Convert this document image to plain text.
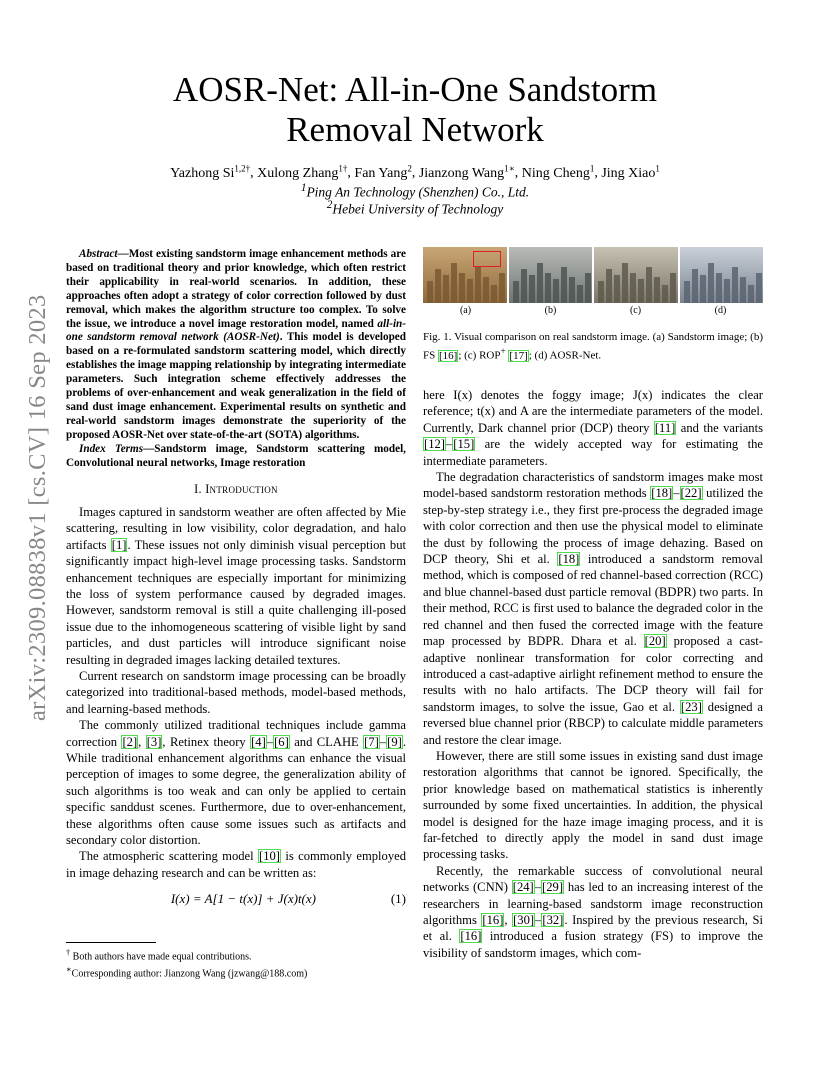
arXiv:2309.08838v1 [cs.CV] 16 Sep 2023
AOSR-Net: All-in-One Sandstorm Removal Network
Yazhong $Si^{1,2\dagger}$, Xulong Zhang$^{1\dagger}$, Fan Yang$^2$, Jianzong Wang$^{1∗}$, Ning Cheng$^1$, Jing Xiao$^1$
$^1$Ping An Technology (Shenzhen) Co., Ltd.
$^2$Hebei University of Technology

Abstract—Most existing sandstorm image enhancement methods are based on traditional theory and prior knowledge, which often restrict their applicability in real-world scenarios. In addition, these approaches often adopt a strategy of color correction followed by dust removal, which makes the algorithm structure too complex. To solve the issue, we introduce a novel image restoration model, named all-in-one sandstorm removal network (AOSR-Net). This model is developed based on a re-formulated sandstorm scattering model, which directly establishes the image mapping relationship by integrating intermediate parameters. Such integration scheme effectively addresses the problems of over-enhancement and weak generalization in the field of sand dust image enhancement. Experimental results on synthetic and real-world sandstorm images demonstrate the superiority of the proposed AOSR-Net over state-of-the-art (SOTA) algorithms.

Index Terms—Sandstorm image, Sandstorm scattering model, Convolutional neural networks, Image restoration

I. Introduction

Images captured in sandstorm weather are often affected by Mie scattering, resulting in low visibility, color degradation, and halo artifacts [1]. These issues not only diminish visual perception but significantly impact high-level image processing tasks. Sandstorm enhancement techniques are especially important for minimizing the loss of system performance caused by degraded images. However, sandstorm removal is still a quite challenging ill-posed issue due to the inhomogeneous scattering of visible light by sand particles, and dust particles will introduce significant noise resulting in degraded images lacking detailed textures.

Current research on sandstorm image processing can be broadly categorized into traditional-based methods, model-based methods, and learning-based methods.

The commonly utilized traditional techniques include gamma correction [2], [3], Retinex theory [4]–[6] and CLAHE [7]–[9]. While traditional enhancement algorithms can enhance the visual perception of images to some degree, the generalization ability of such algorithms is too weak and can only be applied to certain specific sanddust scenes. Furthermore, due to over-enhancement, these algorithms often cause some issues such as artifacts and secondary color distortion.

The atmospheric scattering model [10] is commonly employed in image dehazing research and can be written as:

I(x) = A[1 − t(x)] + J(x)t(x)	(1)
† Both authors have made equal contributions.
∗Corresponding author: Jianzong Wang (jzwang@188.com)
(a)	(b)	(c)	(d)
Fig. 1. Visual comparison on real sandstorm image. (a) Sandstorm image; (b) FS [16]; (c) ROP+ [17]; (d) AOSR-Net.

here I(x) denotes the foggy image; J(x) indicates the clear reference; t(x) and A are the intermediate parameters of the model. Currently, Dark channel prior (DCP) theory [11] and the variants [12]–[15] are the widely accepted way for estimating the intermediate parameters.

The degradation characteristics of sandstorm images make most model-based sandstorm restoration methods [18]–[22] utilized the step-by-step strategy i.e., they first pre-process the degraded image with color correction and then use the physical model to eliminate the dust by following the process of image dehazing. Based on DCP theory, Shi et al. [18] introduced a sandstorm removal method, which is composed of red channel-based correction (RCC) and blue channel-based dust particle removal (BDPR) two parts. In their method, RCC is first used to balance the degraded color in the red channel and then fused the corrected image with the feature map processed by BDPR. Dhara et al. [20] proposed a cast-adaptive nonlinear transformation for color correcting and introduced a cast-adaptive airlight refinement method to ensure the results with no halo artifacts. The DCP theory will fail for sandstorm images, to solve the issue, Gao et al. [23] designed a reversed blue channel prior (RBCP) to calculate middle parameters and restore the clear image.

However, there are still some issues in existing sand dust image restoration algorithms that cannot be ignored. Specifically, the prior knowledge based on mathematical statistics is inherently surrounded by some fixed uncertainties. In addition, the physical model is designed for the haze image imaging process, and it is far-fetched to directly apply the model in sand dust image processing tasks.

Recently, the remarkable success of convolutional neural networks (CNN) [24]–[29] has led to an increasing interest of the researchers in learning-based sandstorm image reconstruction algorithms [16], [30]–[32]. Inspired by the previous research, Si et al. [16] introduced a fusion strategy (FS) to improve the visibility of sandstorm images, which com-
